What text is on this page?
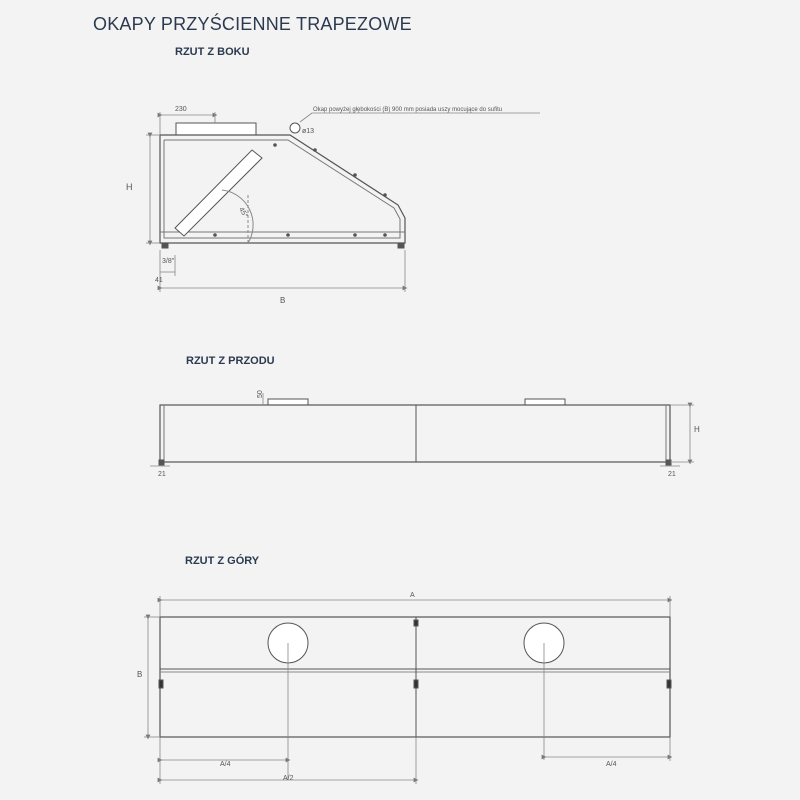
OKAPY PRZYŚCIENNE TRAPEZOWE
RZUT Z BOKU
RZUT Z PRZODU
RZUT Z GÓRY
230	Okap powyżej głębokości (B) 900 mm posiada uszy mocujące do sufitu
ø13
H
45°
3/8"
41
B
50
H
21	21
A
B
A/4
A/2
A/4
